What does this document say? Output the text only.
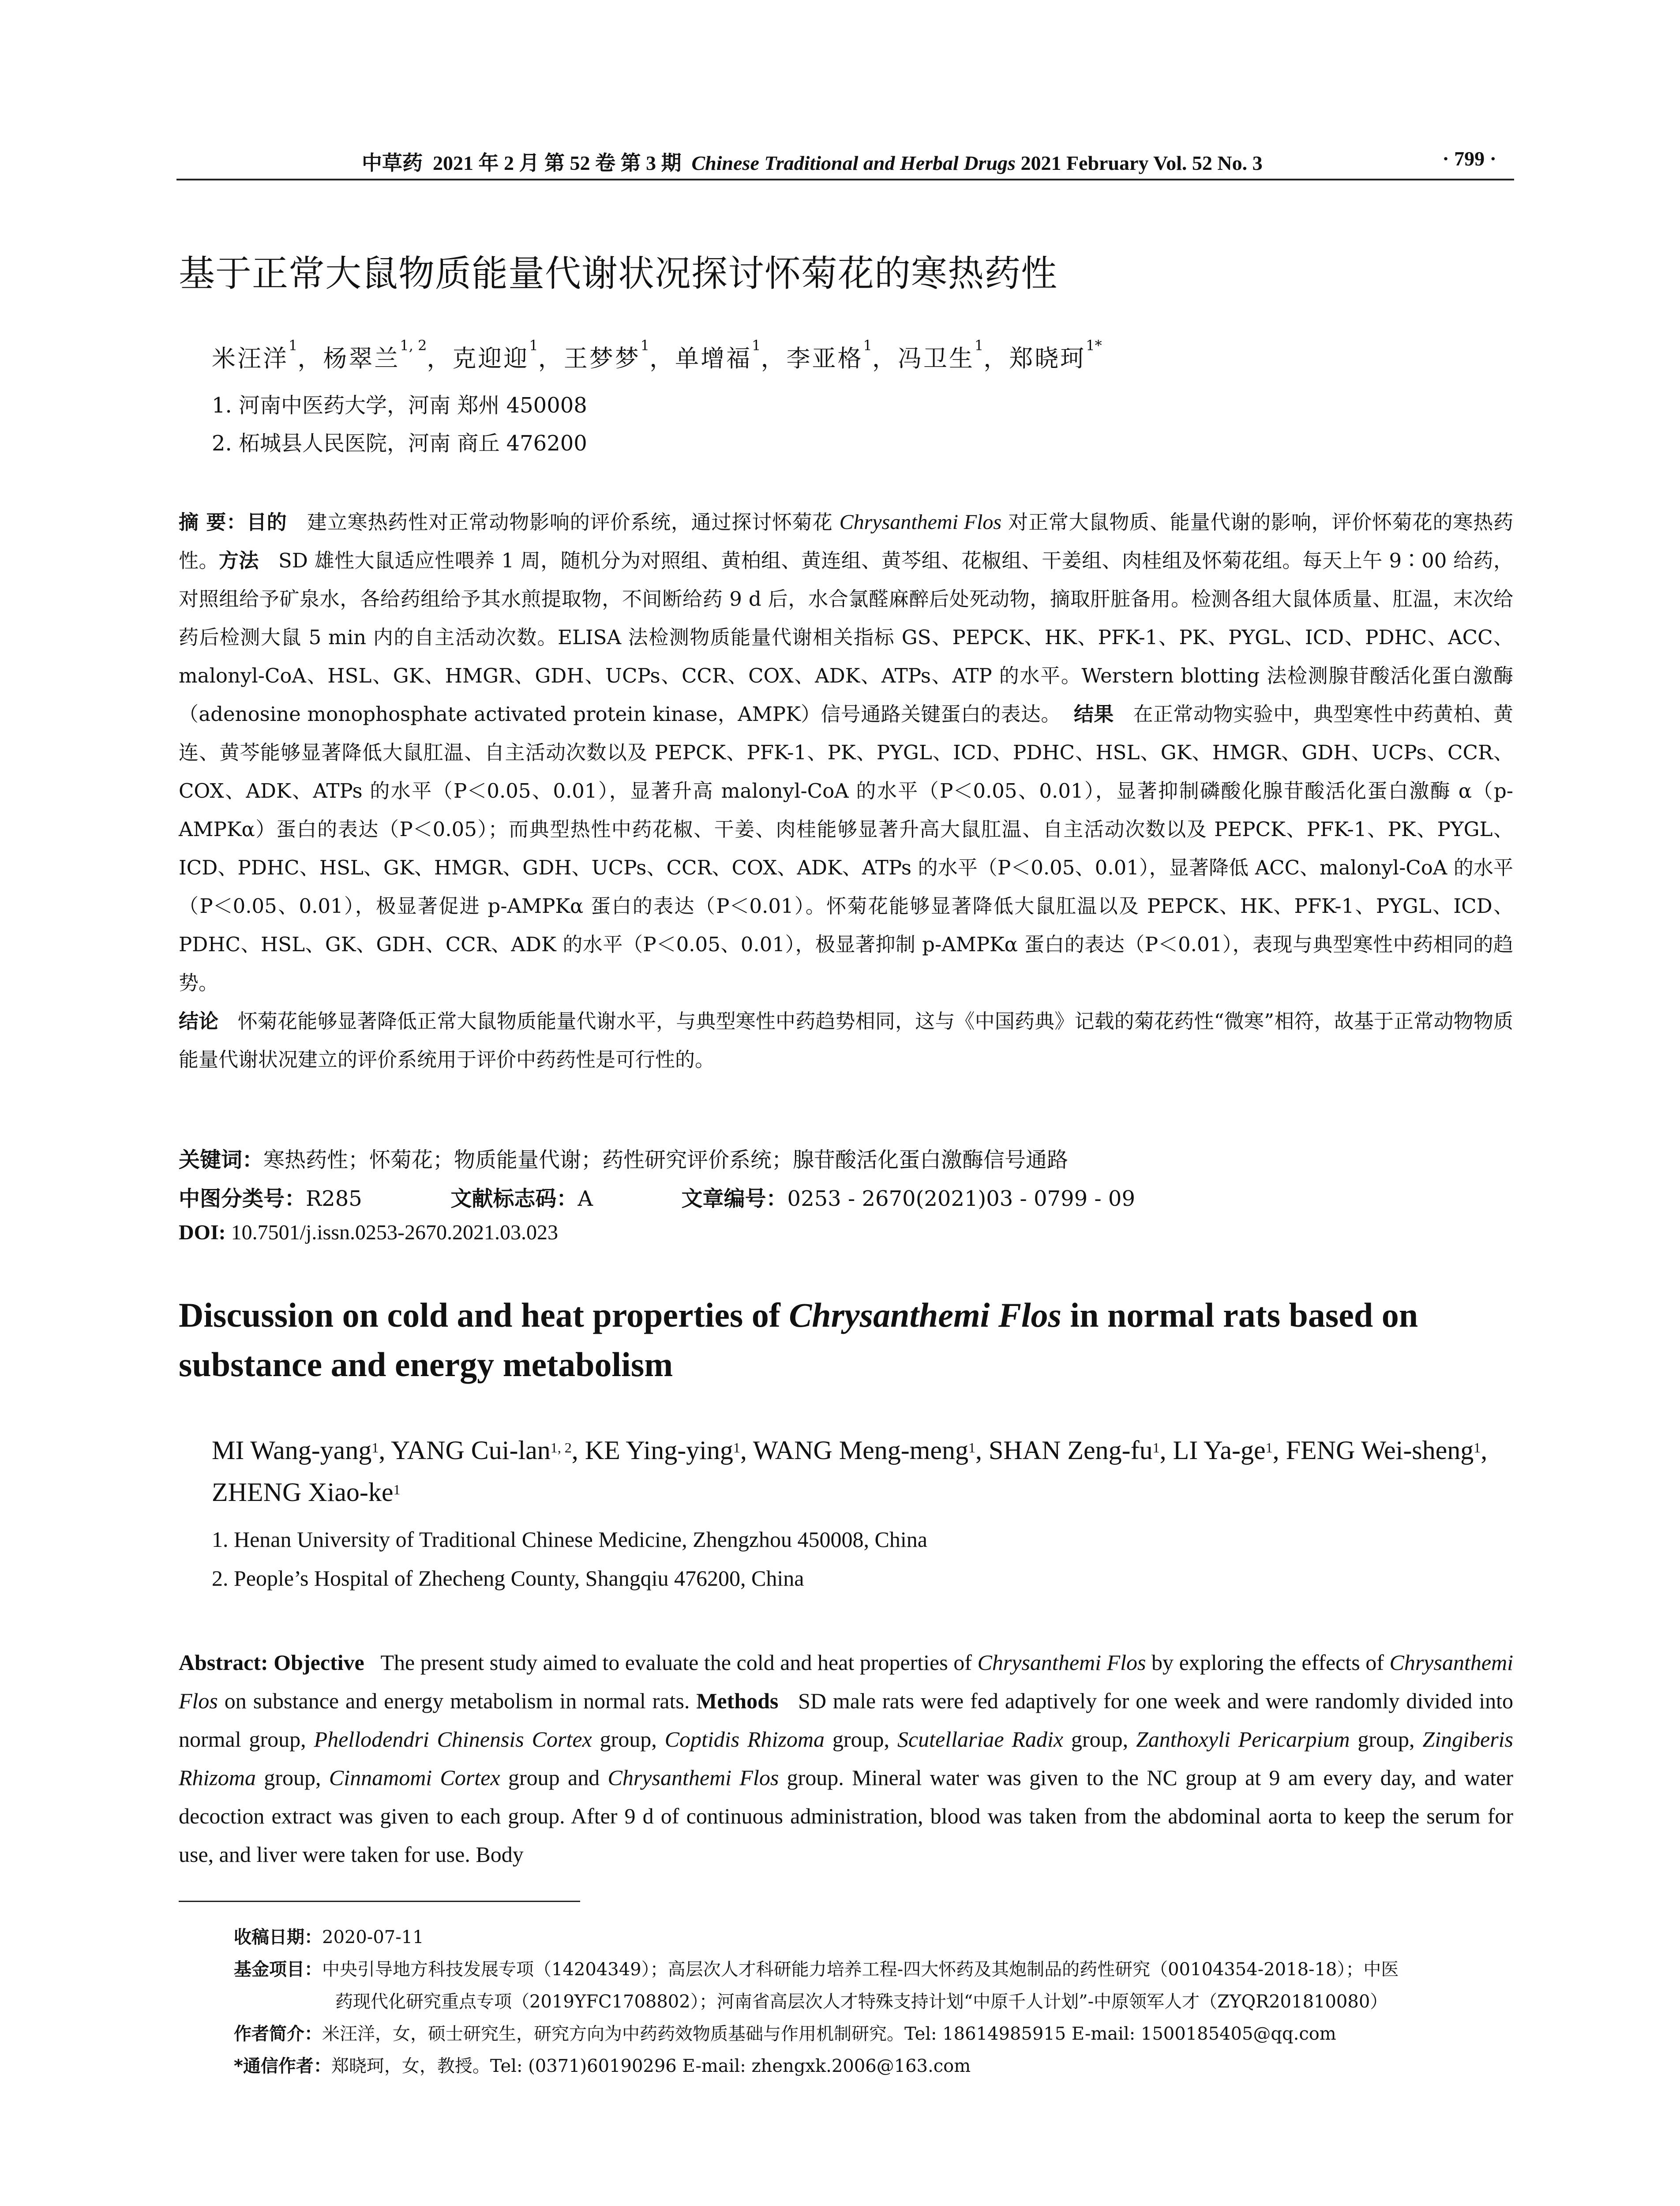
中草药 2021 年 2 月 第 52 卷 第 3 期 Chinese Traditional and Herbal Drugs 2021 February Vol. 52 No. 3	· 799 ·
基于正常大鼠物质能量代谢状况探讨怀菊花的寒热药性
米汪洋$^1$，杨翠兰$^{1, 2}$，克迎迎$^1$，王梦梦$^1$，单增福$^1$，李亚格$^1$，冯卫生$^1$，郑晓珂$^{1*}$
1. 河南中医药大学，河南 郑州 450008
2. 柘城县人民医院，河南 商丘 476200
摘 要：目的 建立寒热药性对正常动物影响的评价系统，通过探讨怀菊花 Chrysanthemi Flos 对正常大鼠物质、能量代谢的影响，评价怀菊花的寒热药性。方法 SD 雄性大鼠适应性喂养 1 周，随机分为对照组、黄柏组、黄连组、黄芩组、花椒组、干姜组、肉桂组及怀菊花组。每天上午 9∶00 给药，对照组给予矿泉水，各给药组给予其水煎提取物，不间断给药 9 d 后，水合氯醛麻醉后处死动物，摘取肝脏备用。检测各组大鼠体质量、肛温，末次给药后检测大鼠 5 min 内的自主活动次数。ELISA 法检测物质能量代谢相关指标 GS、PEPCK、HK、PFK-1、PK、PYGL、ICD、PDHC、ACC、malonyl-CoA、HSL、GK、HMGR、GDH、UCPs、CCR、COX、ADK、ATPs、ATP 的水平。Werstern blotting 法检测腺苷酸活化蛋白激酶（adenosine monophosphate activated protein kinase，AMPK）信号通路关键蛋白的表达。 结果 在正常动物实验中，典型寒性中药黄柏、黄连、黄芩能够显著降低大鼠肛温、自主活动次数以及 PEPCK、PFK-1、PK、PYGL、ICD、PDHC、HSL、GK、HMGR、GDH、UCPs、CCR、COX、ADK、ATPs 的水平（P＜0.05、0.01），显著升高 malonyl-CoA 的水平（P＜0.05、0.01），显著抑制磷酸化腺苷酸活化蛋白激酶 α（p-AMPKα）蛋白的表达（P＜0.05）；而典型热性中药花椒、干姜、肉桂能够显著升高大鼠肛温、自主活动次数以及 PEPCK、PFK-1、PK、PYGL、ICD、PDHC、HSL、GK、HMGR、GDH、UCPs、CCR、COX、ADK、ATPs 的水平（P＜0.05、0.01），显著降低 ACC、malonyl-CoA 的水平（P＜0.05、0.01），极显著促进 p-AMPKα 蛋白的表达（P＜0.01）。怀菊花能够显著降低大鼠肛温以及 PEPCK、HK、PFK-1、PYGL、ICD、PDHC、HSL、GK、GDH、CCR、ADK 的水平（P＜0.05、0.01），极显著抑制 p-AMPKα 蛋白的表达（P＜0.01），表现与典型寒性中药相同的趋势。
结论 怀菊花能够显著降低正常大鼠物质能量代谢水平，与典型寒性中药趋势相同，这与《中国药典》记载的菊花药性“微寒”相符，故基于正常动物物质能量代谢状况建立的评价系统用于评价中药药性是可行性的。
关键词：寒热药性；怀菊花；物质能量代谢；药性研究评价系统；腺苷酸活化蛋白激酶信号通路
中图分类号：R285	文献标志码：A	文章编号：0253 - 2670(2021)03 - 0799 - 09
DOI: 10.7501/j.issn.0253-2670.2021.03.023
Discussion on cold and heat properties of Chrysanthemi Flos in normal rats based on substance and energy metabolism
MI Wang-yang$^1$, YANG Cui-lan$^{1, 2}$, KE Ying-ying$^1$, WANG Meng-meng$^1$, SHAN Zeng-$fu^1$, LI $Ya-ge^1$, FENG Wei-sheng$^1$, ZHENG Xiao-$ke^1$
1. Henan University of Traditional Chinese Medicine, Zhengzhou 450008, China
2. People’s Hospital of Zhecheng County, Shangqiu 476200, China
Abstract: Objective The present study aimed to evaluate the cold and heat properties of Chrysanthemi Flos by exploring the effects of Chrysanthemi Flos on substance and energy metabolism in normal rats. Methods SD male rats were fed adaptively for one week and were randomly divided into normal group, Phellodendri Chinensis Cortex group, Coptidis Rhizoma group, Scutellariae Radix group, Zanthoxyli Pericarpium group, Zingiberis Rhizoma group, Cinnamomi Cortex group and Chrysanthemi Flos group. Mineral water was given to the NC group at 9 am every day, and water decoction extract was given to each group. After 9 d of continuous administration, blood was taken from the abdominal aorta to keep the serum for use, and liver were taken for use. Body
收稿日期：2020-07-11
基金项目：中央引导地方科技发展专项（14204349）；高层次人才科研能力培养工程-四大怀药及其炮制品的药性研究（00104354-2018-18）；中医
药现代化研究重点专项（2019YFC1708802）；河南省高层次人才特殊支持计划“中原千人计划”-中原领军人才（ZYQR201810080）
作者简介：米汪洋，女，硕士研究生，研究方向为中药药效物质基础与作用机制研究。Tel: 18614985915 E-mail: 1500185405@qq.com
*通信作者：郑晓珂，女，教授。Tel: (0371)60190296 E-mail: zhengxk.2006@163.com
